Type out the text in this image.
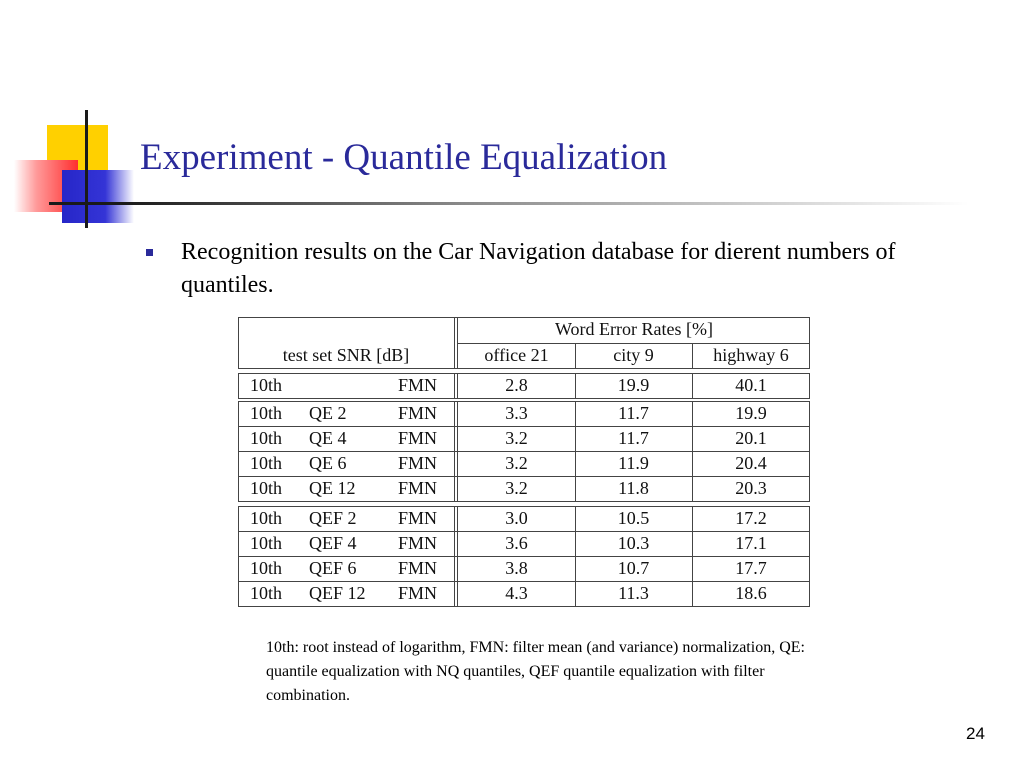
Experiment - Quantile Equalization

Recognition results on the Car Navigation database for dierent numbers of quantiles.

Word Error Rates [%]
test set SNR [dB]	office 21	city 9	highway 6
10th	FMN	2.8	19.9	40.1
10th QE 2	FMN	3.3	11.7	19.9
10th QE 4	FMN	3.2	11.7	20.1
10th QE 6	FMN	3.2	11.9	20.4
10th QE 12 FMN	3.2	11.8	20.3
10th QEF 2 FMN	3.0	10.5	17.2
10th QEF 4 FMN	3.6	10.3	17.1
10th QEF 6 FMN	3.8	10.7	17.7
10th QEF 12 FMN	4.3	11.3	18.6

10th: root instead of logarithm, FMN: filter mean (and variance) normalization, QE: quantile equalization with NQ quantiles, QEF quantile equalization with filter combination.

24
